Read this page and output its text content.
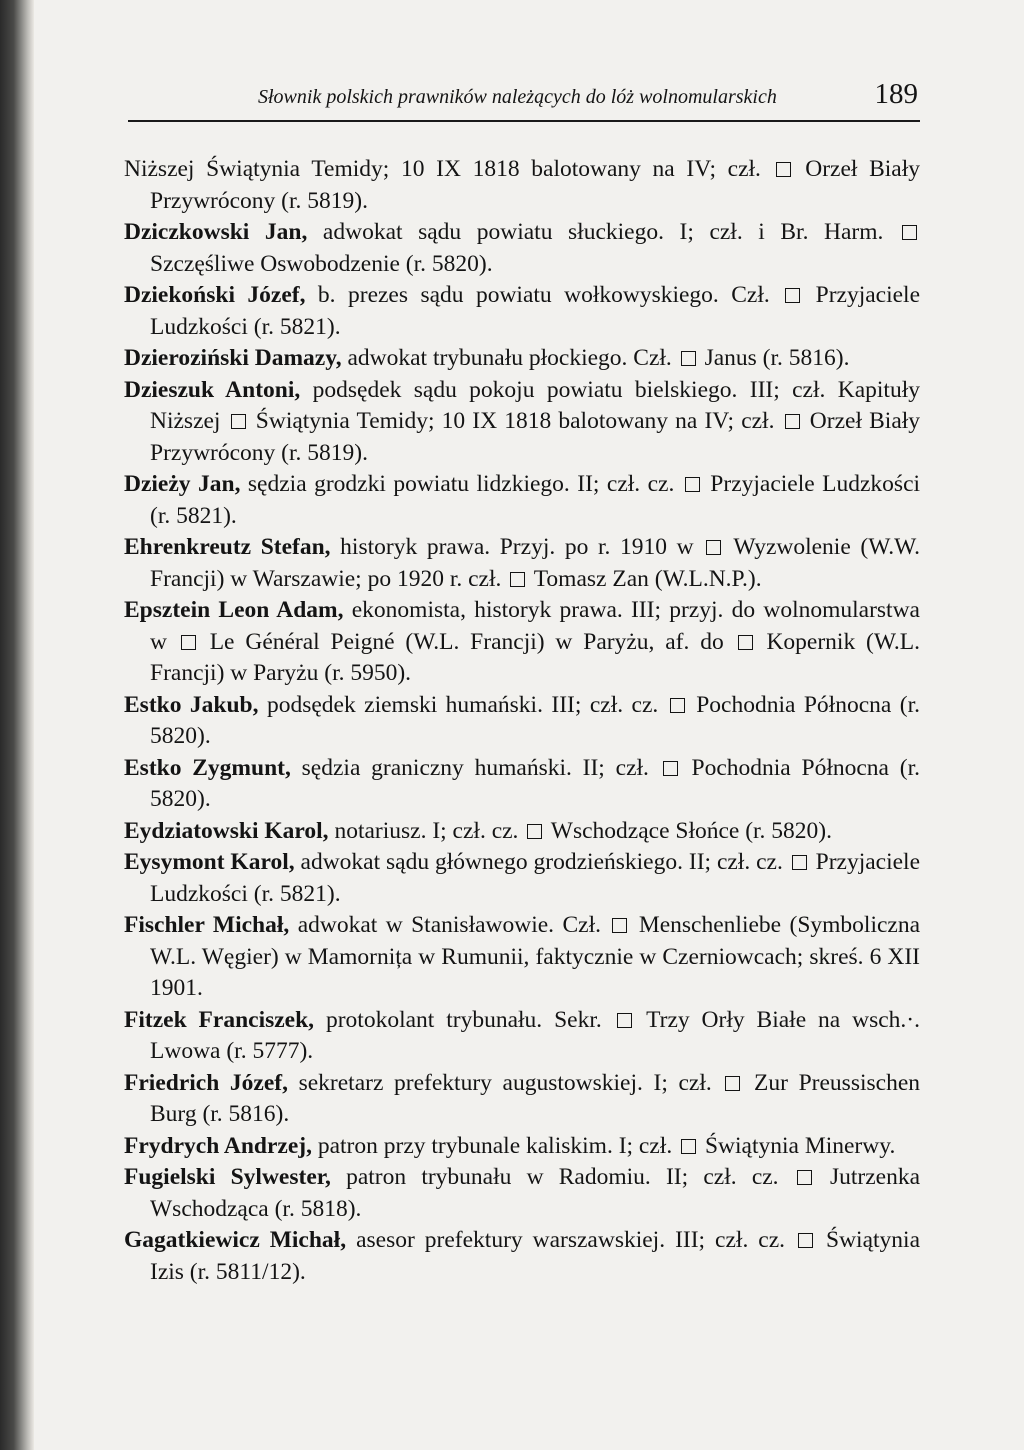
Słownik polskich prawników należących do lóż wolnomularskich	189

Niższej Świątynia Temidy; 10 IX 1818 balotowany na IV; czł. Orzeł Biały Przywrócony (r. 5819).

Dziczkowski Jan, adwokat sądu powiatu słuckiego. I; czł. i Br. Harm.  Szczęśliwe Oswobodzenie (r. 5820).

Dziekoński Józef, b. prezes sądu powiatu wołkowyskiego. Czł. Przyjaciele Ludzkości (r. 5821).

Dzieroziński Damazy, adwokat trybunału płockiego. Czł. Janus (r. 5816).

Dzieszuk Antoni, podsędek sądu pokoju powiatu bielskiego. III; czł. Kapituły Niższej Świątynia Temidy; 10 IX 1818 balotowany na IV; czł. Orzeł Biały Przywrócony (r. 5819).

Dzieży Jan, sędzia grodzki powiatu lidzkiego. II; czł. cz. Przyjaciele Ludzkości (r. 5821).

Ehrenkreutz Stefan, historyk prawa. Przyj. po r. 1910 w Wyzwolenie (W.W. Francji) w Warszawie; po 1920 r. czł. Tomasz Zan (W.L.N.P.).

Epsztein Leon Adam, ekonomista, historyk prawa. III; przyj. do wolnomularstwa w Le Général Peigné (W.L. Francji) w Paryżu, af. do Kopernik (W.L. Francji) w Paryżu (r. 5950).

Estko Jakub, podsędek ziemski humański. III; czł. cz. Pochodnia Północna (r. 5820).

Estko Zygmunt, sędzia graniczny humański. II; czł. Pochodnia Północna (r. 5820).

Eydziatowski Karol, notariusz. I; czł. cz. Wschodzące Słońce (r. 5820).

Eysymont Karol, adwokat sądu głównego grodzieńskiego. II; czł. cz. Przyjaciele Ludzkości (r. 5821).

Fischler Michał, adwokat w Stanisławowie. Czł. Menschenliebe (Symboliczna W.L. Węgier) w Mamornița w Rumunii, faktycznie w Czerniowcach; skreś. 6 XII 1901.

Fitzek Franciszek, protokolant trybunału. Sekr. Trzy Orły Białe na wsch.·. Lwowa (r. 5777).

Friedrich Józef, sekretarz prefektury augustowskiej. I; czł. Zur Preussischen Burg (r. 5816).

Frydrych Andrzej, patron przy trybunale kaliskim. I; czł. Świątynia Minerwy.

Fugielski Sylwester, patron trybunału w Radomiu. II; czł. cz. Jutrzenka Wschodząca (r. 5818).

Gagatkiewicz Michał, asesor prefektury warszawskiej. III; czł. cz. Świątynia Izis (r. 5811/12).
